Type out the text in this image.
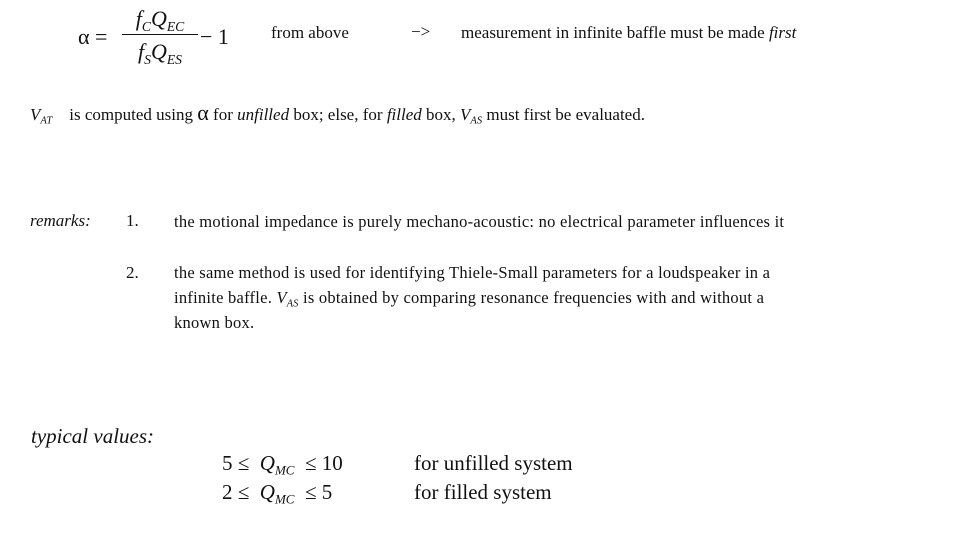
α =
$f_CQ_{EC}$
$f_SQ_{ES}$
− 1 from above	−> measurement in infinite baffle must be made first
$V_{AT}$ is computed using α for unfilled box; else, for filled box, $V_{AS}$ must first be evaluated.
remarks: 1. the motional impedance is purely mechano-acoustic: no electrical parameter influences it
2. the same method is used for identifying Thiele-Small parameters for a loudspeaker in a
infinite baffle. $V_{AS}$ is obtained by comparing resonance frequencies with and without a
known box.
typical values:
$5 \le Q_{MC} \le 10$	for unfilled system
$2 \le Q_{MC} \le 5$	for filled system
